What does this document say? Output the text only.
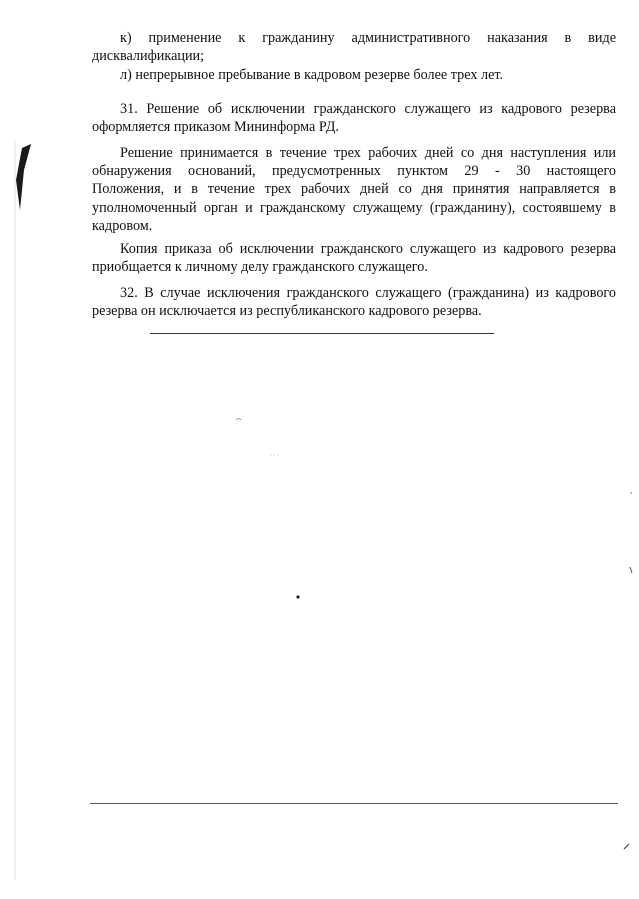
к) применение к гражданину административного наказания в виде
дисквалификации;
л) непрерывное пребывание в кадровом резерве более трех лет.
31. Решение об исключении гражданского служащего из кадрового резерва
оформляется приказом Мининформа РД.
Решение принимается в течение трех рабочих дней со дня наступления или
обнаружения оснований, предусмотренных пунктом 29 - 30 настоящего
Положения, и в течение трех рабочих дней со дня принятия направляется в
уполномоченный орган и гражданскому служащему (гражданину), состоявшему в
кадровом.
Копия приказа об исключении гражданского служащего из кадрового резерва
приобщается к личному делу гражданского служащего.
32. В случае исключения гражданского служащего (гражданина) из кадрового
резерва он исключается из республиканского кадрового резерва.
